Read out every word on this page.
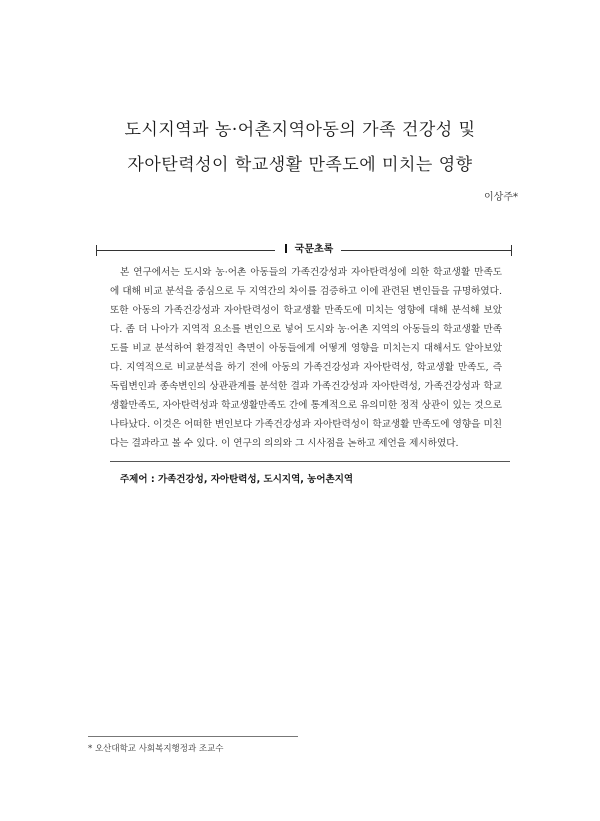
도시지역과 농·어촌지역아동의 가족 건강성 및
자아탄력성이 학교생활 만족도에 미치는 영향
이상주*
국문초록

본 연구에서는 도시와 농·어촌 아동들의 가족건강성과 자아탄력성에 의한 학교생활 만족도에 대해 비교 분석을 중심으로 두 지역간의 차이를 검증하고 이에 관련된 변인들을 규명하였다. 또한 아동의 가족건강성과 자아탄력성이 학교생활 만족도에 미치는 영향에 대해 분석해 보았다. 좀 더 나아가 지역적 요소를 변인으로 넣어 도시와 농·어촌 지역의 아동들의 학교생활 만족도를 비교 분석하여 환경적인 측면이 아동들에게 어떻게 영향을 미치는지 대해서도 알아보았다. 지역적으로 비교분석을 하기 전에 아동의 가족건강성과 자아탄력성, 학교생활 만족도, 즉 독립변인과 종속변인의 상관관계를 분석한 결과 가족건강성과 자아탄력성, 가족건강성과 학교생활만족도, 자아탄력성과 학교생활만족도 간에 통계적으로 유의미한 정적 상관이 있는 것으로 나타났다. 이것은 어떠한 변인보다 가족건강성과 자아탄력성이 학교생활 만족도에 영향을 미친다는 결과라고 볼 수 있다. 이 연구의 의의와 그 시사점을 논하고 제언을 제시하였다.

주제어 : 가족건강성, 자아탄력성, 도시지역, 농어촌지역
* 오산대학교 사회복지행정과 조교수
